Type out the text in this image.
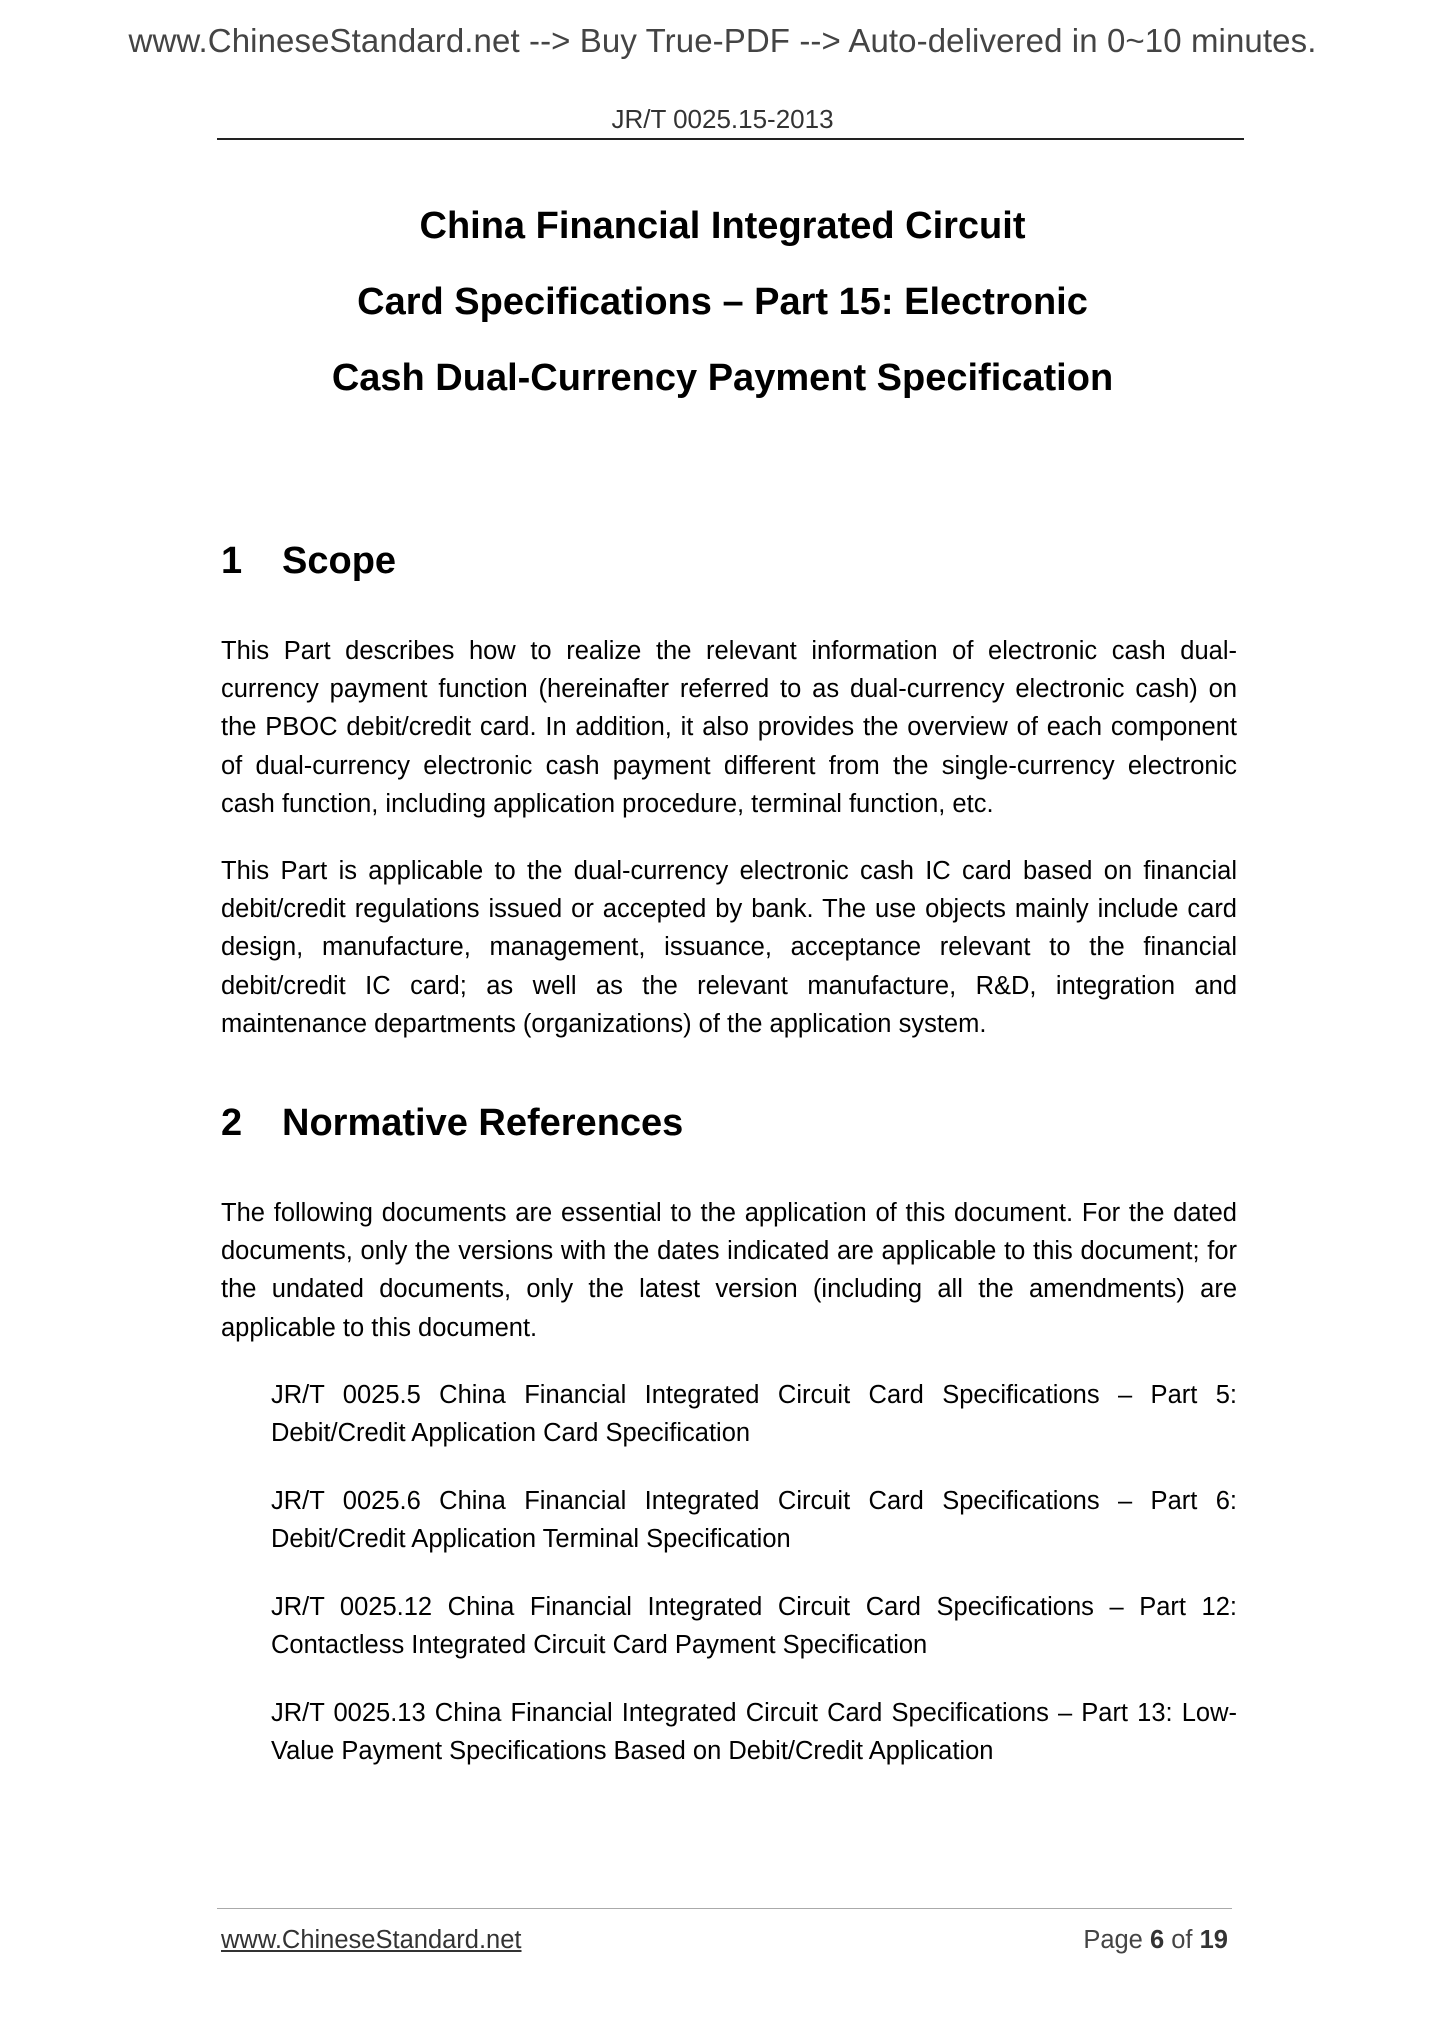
www.ChineseStandard.net --> Buy True-PDF --> Auto-delivered in 0~10 minutes.
JR/T 0025.15-2013
China Financial Integrated Circuit
Card Specifications – Part 15: Electronic
Cash Dual-Currency Payment Specification
1 Scope
This Part describes how to realize the relevant information of electronic cash dual-currency payment function (hereinafter referred to as dual-currency electronic cash) on the PBOC debit/credit card. In addition, it also provides the overview of each component of dual-currency electronic cash payment different from the single-currency electronic cash function, including application procedure, terminal function, etc.
This Part is applicable to the dual-currency electronic cash IC card based on financial debit/credit regulations issued or accepted by bank. The use objects mainly include card design, manufacture, management, issuance, acceptance relevant to the financial debit/credit IC card; as well as the relevant manufacture, R&D, integration and maintenance departments (organizations) of the application system.
2 Normative References
The following documents are essential to the application of this document. For the dated documents, only the versions with the dates indicated are applicable to this document; for the undated documents, only the latest version (including all the amendments) are applicable to this document.
JR/T 0025.5 China Financial Integrated Circuit Card Specifications – Part 5: Debit/Credit Application Card Specification
JR/T 0025.6 China Financial Integrated Circuit Card Specifications – Part 6: Debit/Credit Application Terminal Specification
JR/T 0025.12 China Financial Integrated Circuit Card Specifications – Part 12: Contactless Integrated Circuit Card Payment Specification
JR/T 0025.13 China Financial Integrated Circuit Card Specifications – Part 13: Low-Value Payment Specifications Based on Debit/Credit Application
www.ChineseStandard.net	Page 6 of 19
